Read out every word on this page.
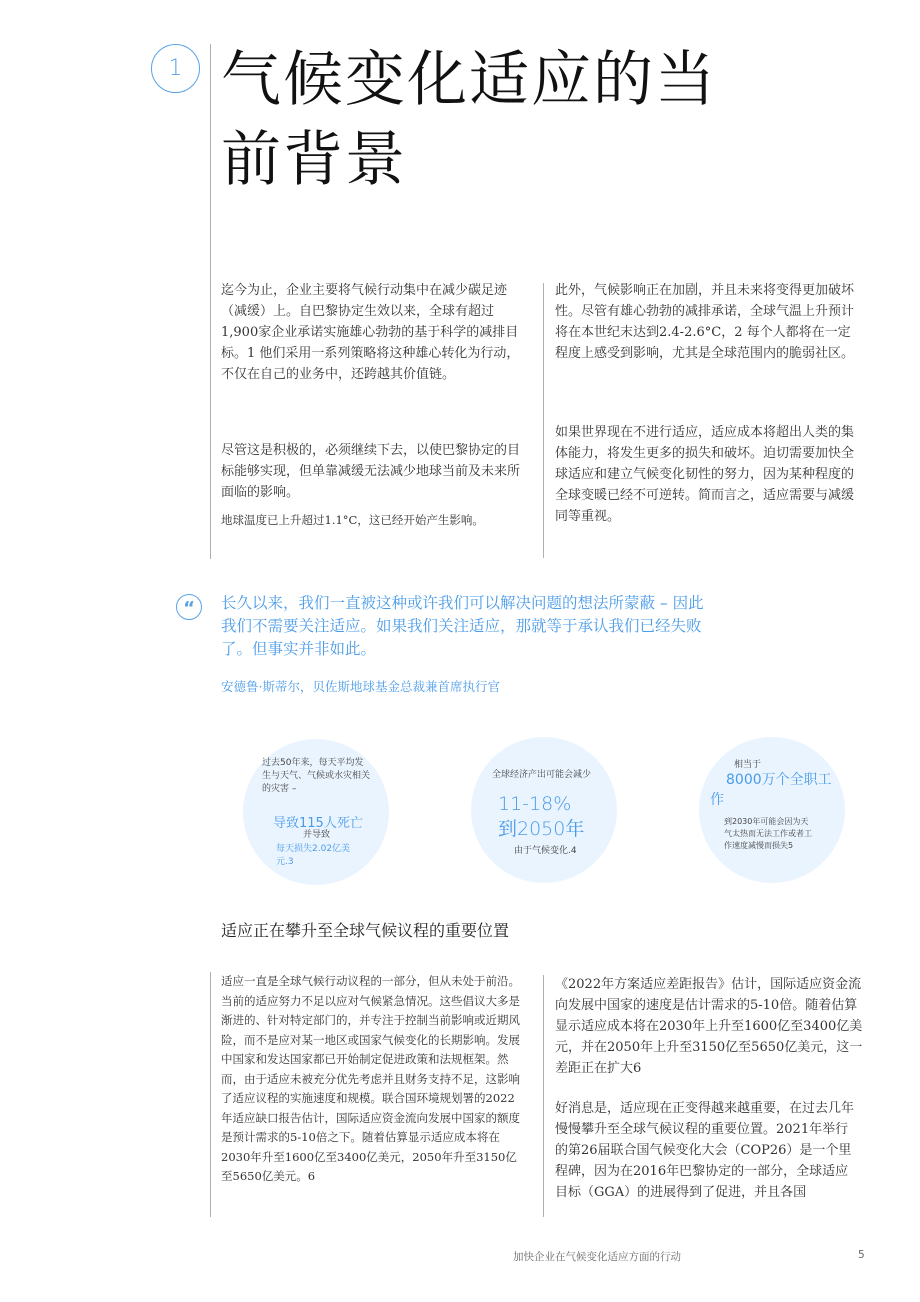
1 气候变化适应的当
前背景
迄今为止，企业主要将气候行动集中在减少碳足迹（减缓）上。自巴黎协定生效以来，全球有超过1,900家企业承诺实施雄心勃勃的基于科学的减排目标。1 他们采用一系列策略将这种雄心转化为行动，不仅在自己的业务中，还跨越其价值链。
尽管这是积极的，必须继续下去，以使巴黎协定的目标能够实现，但单靠减缓无法减少地球当前及未来所面临的影响。
地球温度已上升超过1.1°C，这已经开始产生影响。
此外，气候影响正在加剧，并且未来将变得更加破坏性。尽管有雄心勃勃的减排承诺，全球气温上升预计将在本世纪末达到2.4-2.6°C，2 每个人都将在一定程度上感受到影响，尤其是全球范围内的脆弱社区。
如果世界现在不进行适应，适应成本将超出人类的集体能力，将发生更多的损失和破坏。迫切需要加快全球适应和建立气候变化韧性的努力，因为某种程度的全球变暖已经不可逆转。简而言之，适应需要与减缓同等重视。
“	长久以来，我们一直被这种或许我们可以解决问题的想法所蒙蔽 – 因此我们不需要关注适应。如果我们关注适应，那就等于承认我们已经失败了。但事实并非如此。
安德鲁·斯蒂尔，贝佐斯地球基金总裁兼首席执行官
过去50年来，每天平均发生与天气、气候或水灾相关的灾害 –
导致115人死亡
并导致
每天损失2.02亿美元.3
全球经济产出可能会减少
11-18% 到2050年
由于气候变化.4
相当于
8000万个全职工作
到2030年可能会因为天气太热而无法工作或者工作速度减慢而损失5
适应正在攀升至全球气候议程的重要位置
适应一直是全球气候行动议程的一部分，但从未处于前沿。当前的适应努力不足以应对气候紧急情况。这些倡议大多是渐进的、针对特定部门的，并专注于控制当前影响或近期风险，而不是应对某一地区或国家气候变化的长期影响。发展中国家和发达国家都已开始制定促进政策和法规框架。然而，由于适应未被充分优先考虑并且财务支持不足，这影响了适应议程的实施速度和规模。联合国环境规划署的2022年适应缺口报告估计，国际适应资金流向发展中国家的额度是预计需求的5-10倍之下。随着估算显示适应成本将在2030年升至1600亿至3400亿美元，2050年升至3150亿至5650亿美元。6
《2022年方案适应差距报告》估计，国际适应资金流向发展中国家的速度是估计需求的5-10倍。随着估算显示适应成本将在2030年上升至1600亿至3400亿美元，并在2050年上升至3150亿至5650亿美元，这一差距正在扩大6
好消息是，适应现在正变得越来越重要，在过去几年慢慢攀升至全球气候议程的重要位置。2021年举行的第26届联合国气候变化大会（COP26）是一个里程碑，因为在2016年巴黎协定的一部分，全球适应目标（GGA）的进展得到了促进，并且各国
加快企业在气候变化适应方面的行动	5
